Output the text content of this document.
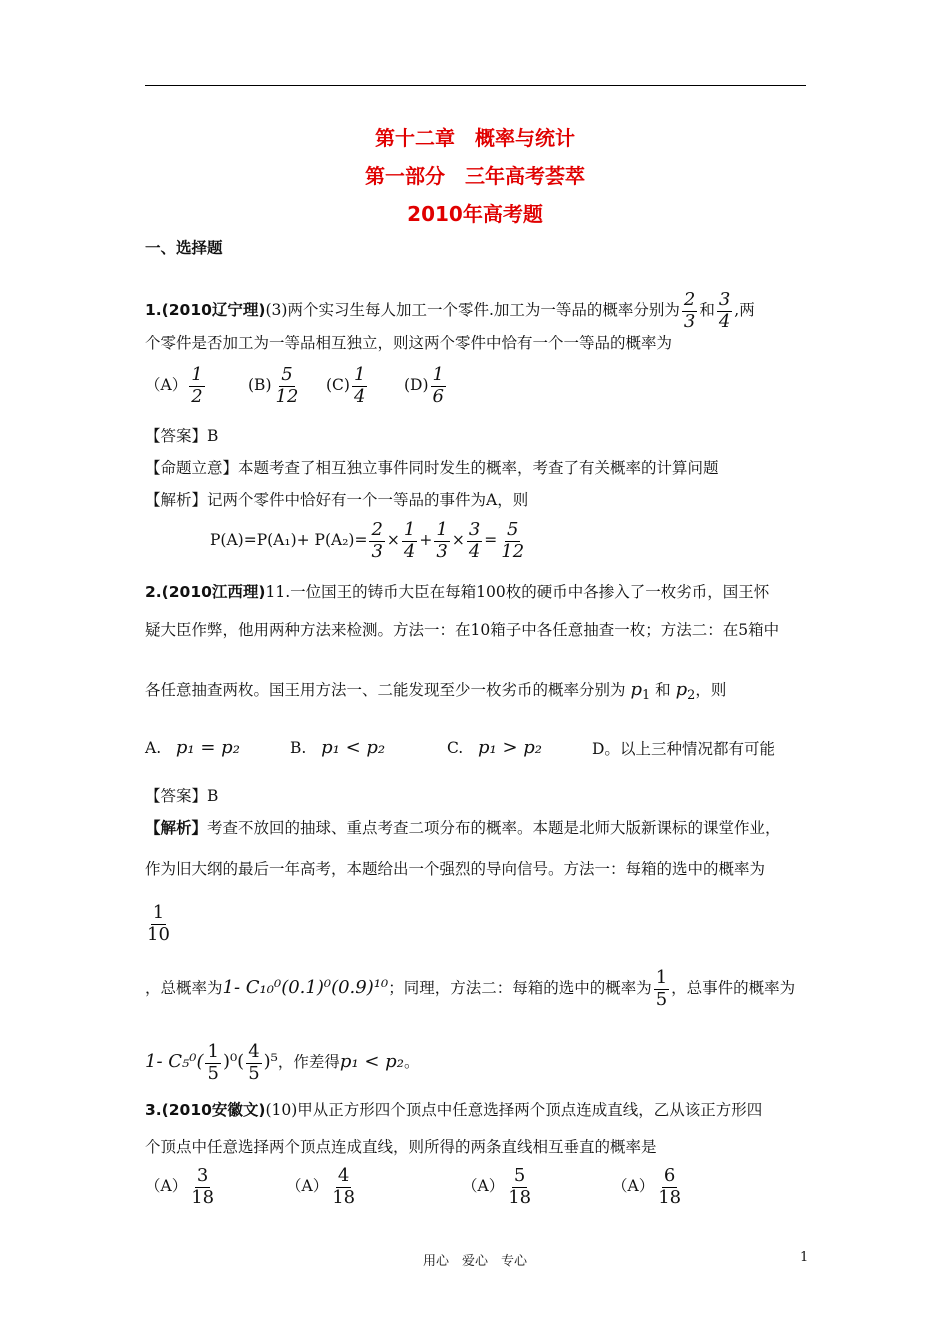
第十二章　概率与统计
第一部分　三年高考荟萃
2010年高考题
一、选择题
1.(2010辽宁理)(3)两个实习生每人加工一个零件.加工为一等品的概率分别为 $\frac{2}{3}$ 和 $\frac{3}{4}$ ,两
个零件是否加工为一等品相互独立，则这两个零件中恰有一个一等品的概率为
$(A) \frac{1}{2}$	$(B) \frac{5}{12} (C) \frac{1}{4} (D) \frac{1}{6}$
【答案】B
【命题立意】本题考查了相互独立事件同时发生的概率，考查了有关概率的计算问题
【解析】记两个零件中恰好有一个一等品的事件为A，则
$P(A)=P(A_1)+ P(A_2)= \frac{2}{3} \times \frac{1}{4} + \frac{1}{3} \times \frac{3}{4} = \frac{5}{12}$
2.(2010江西理)11.一位国王的铸币大臣在每箱100枚的硬币中各掺入了一枚劣币，国王怀
疑大臣作弊，他用两种方法来检测。方法一：在10箱子中各任意抽查一枚；方法二：在5箱中
各任意抽查两枚。国王用方法一、二能发现至少一枚劣币的概率分别为 $p_1$ 和 $p_2$，则
A. p₁ = p₂	B. p₁ < p₂	C. p₁ > p₂	D。以上三种情况都有可能
【答案】B
【解析】考查不放回的抽球、重点考查二项分布的概率。本题是北师大版新课标的课堂作业，
作为旧大纲的最后一年高考，本题给出一个强烈的导向信号。方法一：每箱的选中的概率为
$\frac{1}{10}$
，总概率为1- C₁₀⁰(0.1)⁰(0.9)¹⁰；同理，方法二：每箱的选中的概率为 $\frac{1}{5}$ ，总事件的概率为
1- $C_5^0( \frac{1}{5} )^0( \frac{4}{5} )^5$，作差得p₁ < p₂。
3.(2010安徽文)(10)甲从正方形四个顶点中任意选择两个顶点连成直线，乙从该正方形四
个顶点中任意选择两个顶点连成直线，则所得的两条直线相互垂直的概率是
$(A) \frac{3}{18}$	$(A) \frac{4}{18}$	$(A) \frac{5}{18}$	$(A) \frac{6}{18}$
用心　爱心　专心	1
